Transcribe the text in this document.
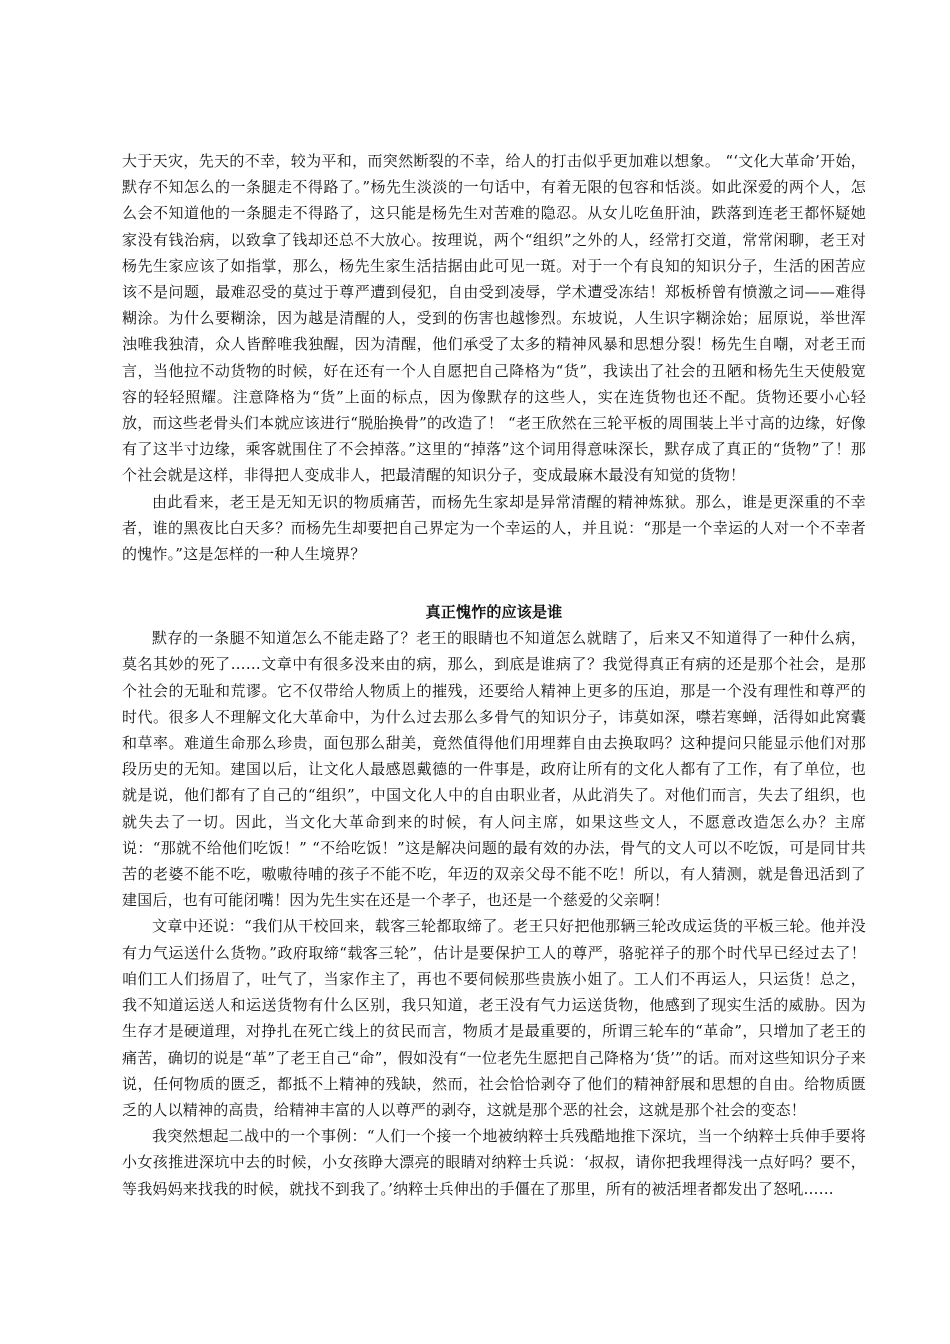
大于天灾，先天的不幸，较为平和，而突然断裂的不幸，给人的打击似乎更加难以想象。 “‘文化大革命’开始，默存不知怎么的一条腿走不得路了。”杨先生淡淡的一句话中，有着无限的包容和恬淡。如此深爱的两个人，怎么会不知道他的一条腿走不得路了，这只能是杨先生对苦难的隐忍。从女儿吃鱼肝油，跌落到连老王都怀疑她家没有钱治病，以致拿了钱却还总不大放心。按理说，两个“组织”之外的人，经常打交道，常常闲聊，老王对杨先生家应该了如指掌，那么，杨先生家生活拮据由此可见一斑。对于一个有良知的知识分子，生活的困苦应该不是问题，最难忍受的莫过于尊严遭到侵犯，自由受到凌辱，学术遭受冻结！郑板桥曾有愤激之词——难得糊涂。为什么要糊涂，因为越是清醒的人，受到的伤害也越惨烈。东坡说，人生识字糊涂始；屈原说，举世浑浊唯我独清，众人皆醉唯我独醒，因为清醒，他们承受了太多的精神风暴和思想分裂！杨先生自嘲，对老王而言，当他拉不动货物的时候，好在还有一个人自愿把自己降格为“货”，我读出了社会的丑陋和杨先生天使般宽容的轻轻照耀。注意降格为“货”上面的标点，因为像默存的这些人，实在连货物也还不配。货物还要小心轻放，而这些老骨头们本就应该进行“脱胎换骨”的改造了！ “老王欣然在三轮平板的周围装上半寸高的边缘，好像有了这半寸边缘，乘客就围住了不会掉落。”这里的“掉落”这个词用得意味深长，默存成了真正的“货物”了！那个社会就是这样，非得把人变成非人，把最清醒的知识分子，变成最麻木最没有知觉的货物！

由此看来，老王是无知无识的物质痛苦，而杨先生家却是异常清醒的精神炼狱。那么，谁是更深重的不幸者，谁的黑夜比白天多？而杨先生却要把自己界定为一个幸运的人，并且说：“那是一个幸运的人对一个不幸者的愧怍。”这是怎样的一种人生境界？

真正愧怍的应该是谁

默存的一条腿不知道怎么不能走路了？老王的眼睛也不知道怎么就瞎了，后来又不知道得了一种什么病，莫名其妙的死了……文章中有很多没来由的病，那么，到底是谁病了？我觉得真正有病的还是那个社会，是那个社会的无耻和荒谬。它不仅带给人物质上的摧残，还要给人精神上更多的压迫，那是一个没有理性和尊严的时代。很多人不理解文化大革命中，为什么过去那么多骨气的知识分子，讳莫如深，噤若寒蝉，活得如此窝囊和草率。难道生命那么珍贵，面包那么甜美，竟然值得他们用埋葬自由去换取吗？这种提问只能显示他们对那段历史的无知。建国以后，让文化人最感恩戴德的一件事是，政府让所有的文化人都有了工作，有了单位，也就是说，他们都有了自己的“组织”，中国文化人中的自由职业者，从此消失了。对他们而言，失去了组织，也就失去了一切。因此，当文化大革命到来的时候，有人问主席，如果这些文人，不愿意改造怎么办？主席说：“那就不给他们吃饭！” “不给吃饭！”这是解决问题的最有效的办法，骨气的文人可以不吃饭，可是同甘共苦的老婆不能不吃，嗷嗷待哺的孩子不能不吃，年迈的双亲父母不能不吃！所以，有人猜测，就是鲁迅活到了建国后，也有可能闭嘴！因为先生实在还是一个孝子，也还是一个慈爱的父亲啊！

文章中还说：“我们从干校回来，载客三轮都取缔了。老王只好把他那辆三轮改成运货的平板三轮。他并没有力气运送什么货物。”政府取缔“载客三轮”，估计是要保护工人的尊严，骆驼祥子的那个时代早已经过去了！咱们工人们扬眉了，吐气了，当家作主了，再也不要伺候那些贵族小姐了。工人们不再运人，只运货！总之，我不知道运送人和运送货物有什么区别，我只知道，老王没有气力运送货物，他感到了现实生活的威胁。因为生存才是硬道理，对挣扎在死亡线上的贫民而言，物质才是最重要的，所谓三轮车的“革命”，只增加了老王的痛苦，确切的说是“革”了老王自己“命”，假如没有“一位老先生愿把自己降格为‘货’”的话。而对这些知识分子来说，任何物质的匮乏，都抵不上精神的残缺，然而，社会恰恰剥夺了他们的精神舒展和思想的自由。给物质匮乏的人以精神的高贵，给精神丰富的人以尊严的剥夺，这就是那个恶的社会，这就是那个社会的变态！

我突然想起二战中的一个事例：“人们一个接一个地被纳粹士兵残酷地推下深坑，当一个纳粹士兵伸手要将小女孩推进深坑中去的时候，小女孩睁大漂亮的眼睛对纳粹士兵说：‘叔叔，请你把我埋得浅一点好吗？要不，等我妈妈来找我的时候，就找不到我了。’纳粹士兵伸出的手僵在了那里，所有的被活埋者都发出了怒吼……
